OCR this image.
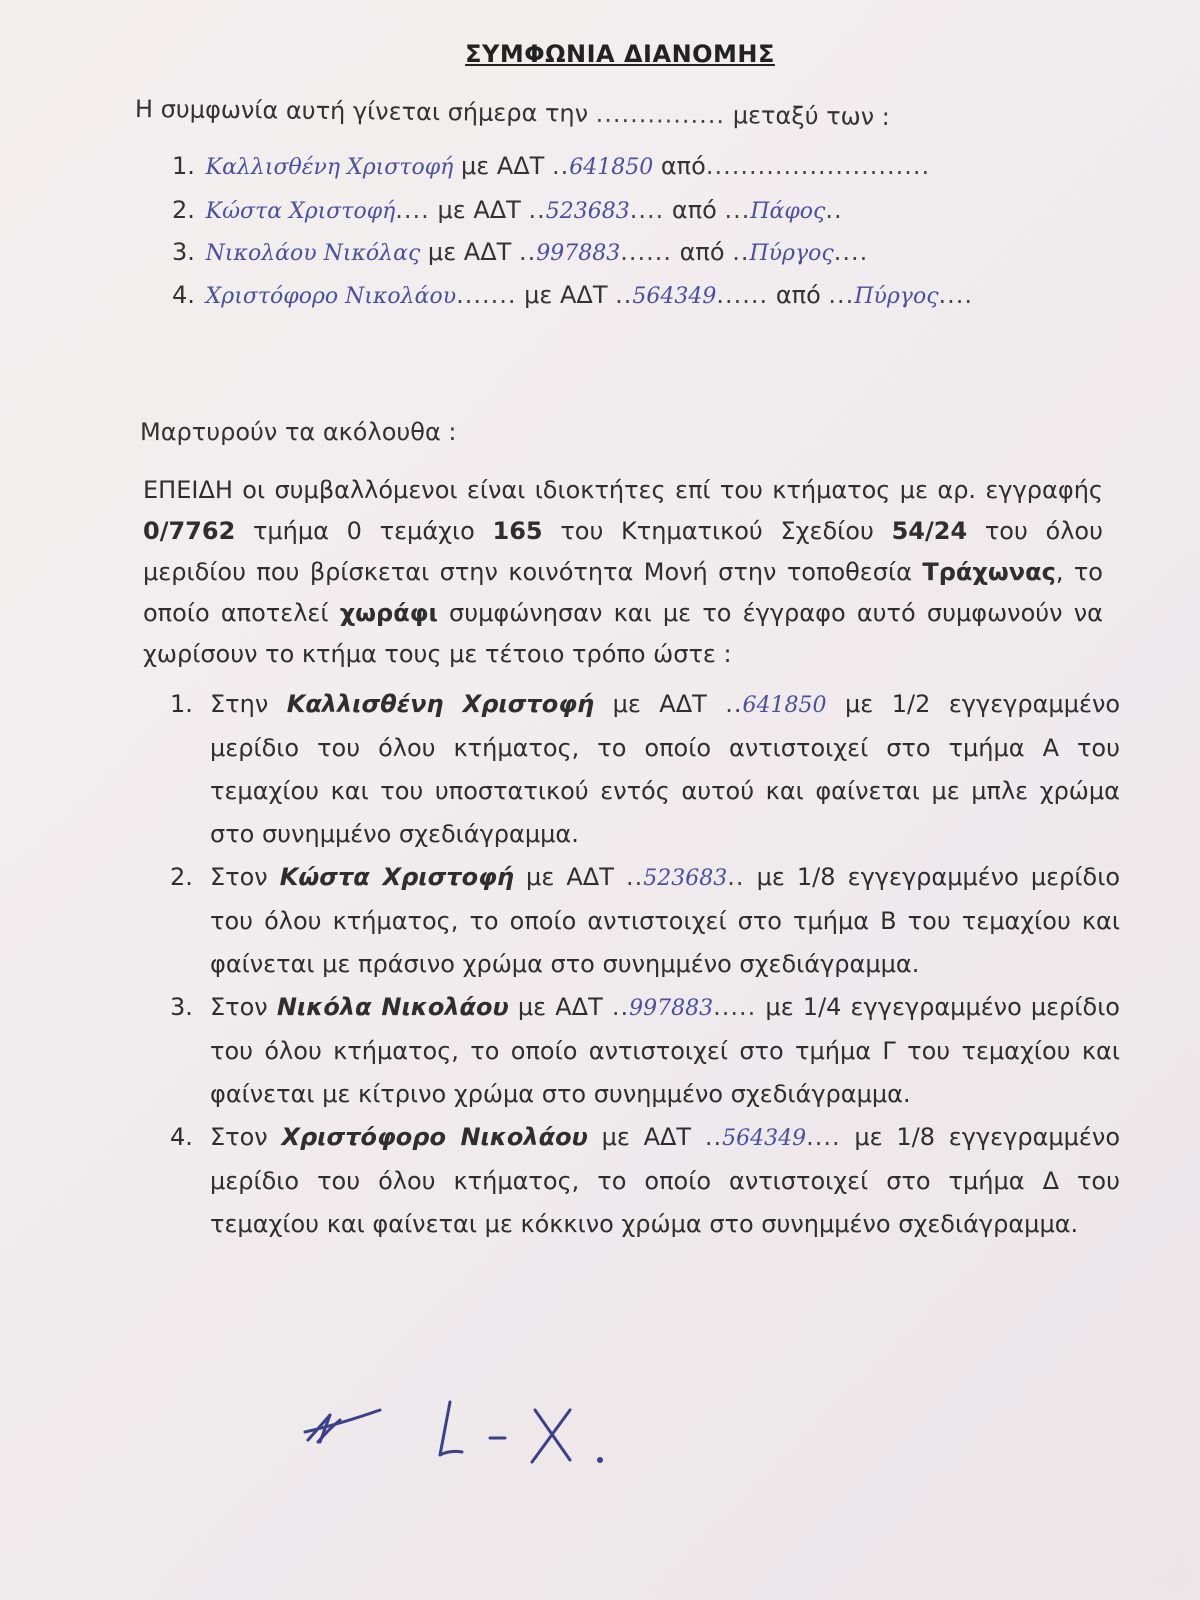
ΣΥΜΦΩΝΙΑ ΔΙΑΝΟΜΗΣ
Η συμφωνία αυτή γίνεται σήμερα την ............... μεταξύ των :
1. Καλλισθένη Χριστοφή με ΑΔΤ ..641850 από..........................
2. Κώστα Χριστοφή.... με ΑΔΤ ..523683.... από ...Πάφος..
3. Νικολάου Νικόλας με ΑΔΤ ..997883...... από ..Πύργος....
4. Χριστόφορο Νικολάου....... με ΑΔΤ ..564349...... από ...Πύργος....
Μαρτυρούν τα ακόλουθα :
ΕΠΕΙΔΗ οι συμβαλλόμενοι είναι ιδιοκτήτες επί του κτήματος με αρ. εγγραφής 0/7762 τμήμα 0 τεμάχιο 165 του Κτηματικού Σχεδίου 54/24 του όλου μεριδίου που βρίσκεται στην κοινότητα Μονή στην τοποθεσία Τράχωνας, το οποίο αποτελεί χωράφι συμφώνησαν και με το έγγραφο αυτό συμφωνούν να χωρίσουν το κτήμα τους με τέτοιο τρόπο ώστε :
1. Στην Καλλισθένη Χριστοφή με ΑΔΤ ..641850 με 1/2 εγγεγραμμένο μερίδιο του όλου κτήματος, το οποίο αντιστοιχεί στο τμήμα Α του τεμαχίου και του υποστατικού εντός αυτού και φαίνεται με μπλε χρώμα στο συνημμένο σχεδιάγραμμα.
2. Στον Κώστα Χριστοφή με ΑΔΤ ..523683.. με 1/8 εγγεγραμμένο μερίδιο του όλου κτήματος, το οποίο αντιστοιχεί στο τμήμα Β του τεμαχίου και φαίνεται με πράσινο χρώμα στο συνημμένο σχεδιάγραμμα.
3. Στον Νικόλα Νικολάου με ΑΔΤ ..997883..... με 1/4 εγγεγραμμένο μερίδιο του όλου κτήματος, το οποίο αντιστοιχεί στο τμήμα Γ του τεμαχίου και φαίνεται με κίτρινο χρώμα στο συνημμένο σχεδιάγραμμα.
4. Στον Χριστόφορο Νικολάου με ΑΔΤ ..564349.... με 1/8 εγγεγραμμένο μερίδιο του όλου κτήματος, το οποίο αντιστοιχεί στο τμήμα Δ του τεμαχίου και φαίνεται με κόκκινο χρώμα στο συνημμένο σχεδιάγραμμα.
